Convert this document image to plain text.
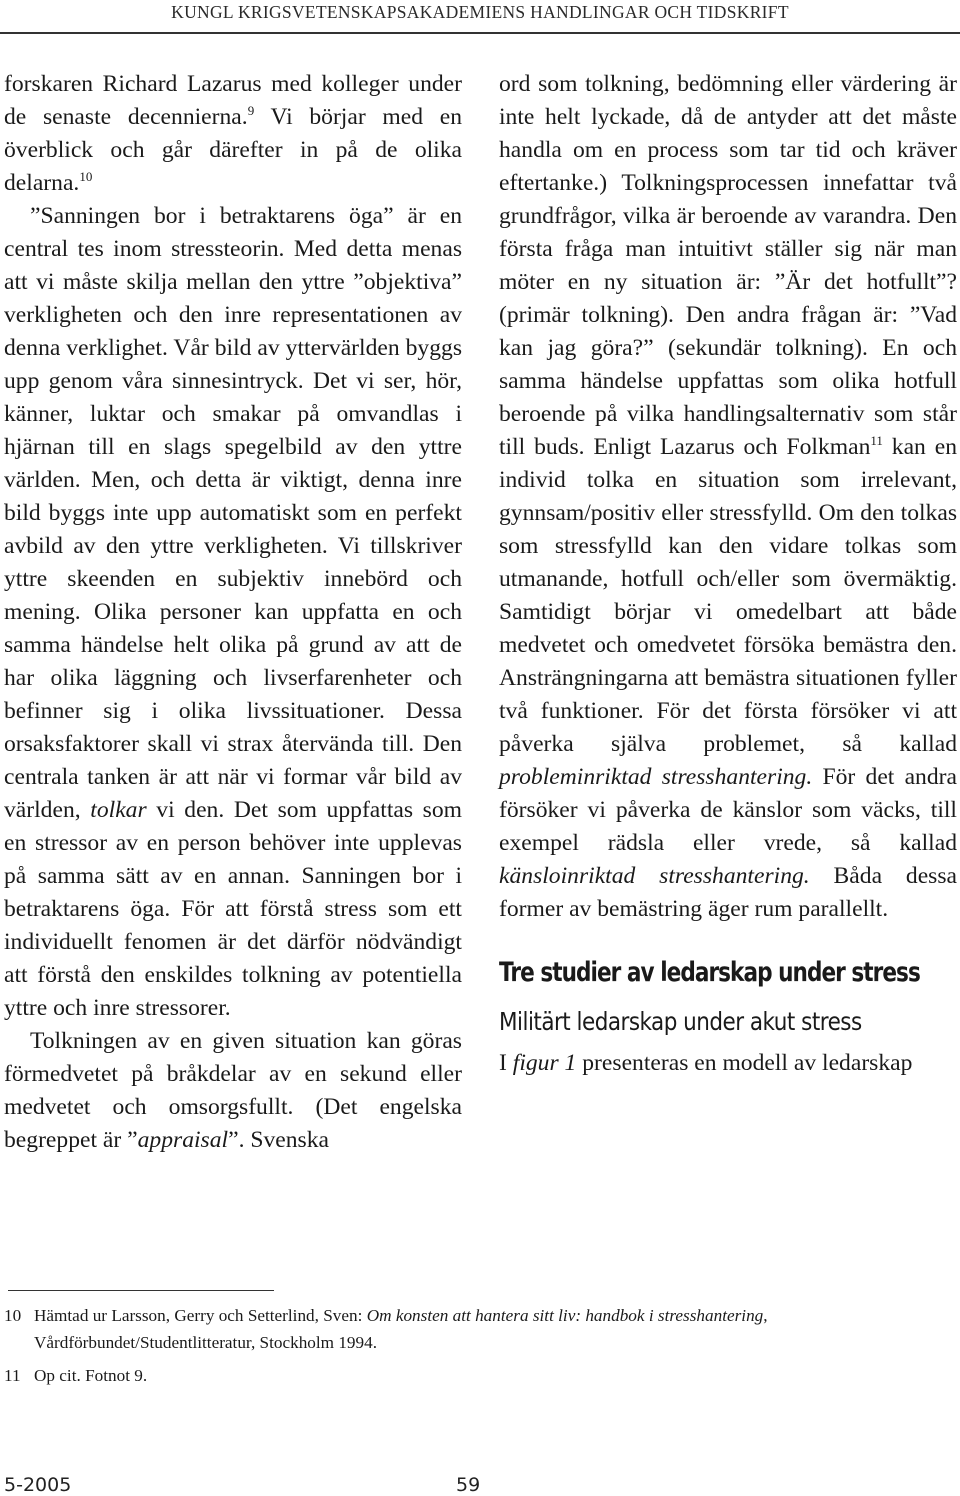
KUNGL KRIGSVETENSKAPSAKADEMIENS HANDLINGAR OCH TIDSKRIFT

forskaren Richard Lazarus med kolleger under de senaste decennierna.$^9$ Vi börjar med en överblick och går därefter in på de olika delarna.$^{10}$

”Sanningen bor i betraktarens öga” är en central tes inom stressteorin. Med detta menas att vi måste skilja mellan den yttre ”objektiva” verkligheten och den inre representationen av denna verklighet. Vår bild av yttervärlden byggs upp genom våra sinnesintryck. Det vi ser, hör, känner, luktar och smakar på omvandlas i hjärnan till en slags spegelbild av den yttre världen. Men, och detta är viktigt, denna inre bild byggs inte upp automatiskt som en perfekt avbild av den yttre verkligheten. Vi tillskriver yttre skeenden en subjektiv innebörd och mening. Olika personer kan uppfatta en och samma händelse helt olika på grund av att de har olika läggning och livserfarenheter och befinner sig i olika livssituationer. Dessa orsaksfaktorer skall vi strax återvända till. Den centrala tanken är att när vi formar vår bild av världen, tolkar vi den. Det som uppfattas som en stressor av en person behöver inte upplevas på samma sätt av en annan. Sanningen bor i betraktarens öga. För att förstå stress som ett individuellt fenomen är det därför nödvändigt att förstå den enskildes tolkning av potentiella yttre och inre stressorer.

Tolkningen av en given situation kan göras förmedvetet på bråkdelar av en sekund eller medvetet och omsorgsfullt. (Det engelska begreppet är ”appraisal”. Svenska

ord som tolkning, bedömning eller värdering är inte helt lyckade, då de antyder att det måste handla om en process som tar tid och kräver eftertanke.) Tolkningsprocessen innefattar två grundfrågor, vilka är beroende av varandra. Den första fråga man intuitivt ställer sig när man möter en ny situation är: ”Är det hotfullt”? (primär tolkning). Den andra frågan är: ”Vad kan jag göra?” (sekundär tolkning). En och samma händelse uppfattas som olika hotfull beroende på vilka handlingsalternativ som står till buds. Enligt Lazarus och Folkman$^{11}$ kan en individ tolka en situation som irrelevant, gynnsam/positiv eller stressfylld. Om den tolkas som stressfylld kan den vidare tolkas som utmanande, hotfull och/eller som övermäktig. Samtidigt börjar vi omedelbart att både medvetet och omedvetet försöka bemästra den. Ansträngningarna att bemästra situationen fyller två funktioner. För det första försöker vi att påverka själva problemet, så kallad probleminriktad stresshantering. För det andra försöker vi påverka de känslor som väcks, till exempel rädsla eller vrede, så kallad känsloinriktad stresshantering. Båda dessa former av bemästring äger rum parallellt.

Tre studier av ledarskap under stress
Militärt ledarskap under akut stress

I figur 1 presenteras en modell av ledarskap

10 Hämtad ur Larsson, Gerry och Setterlind, Sven: Om konsten att hantera sitt liv: handbok i stresshantering, Vårdförbundet/Studentlitteratur, Stockholm 1994.
11 Op cit. Fotnot 9.
5-2005	59
